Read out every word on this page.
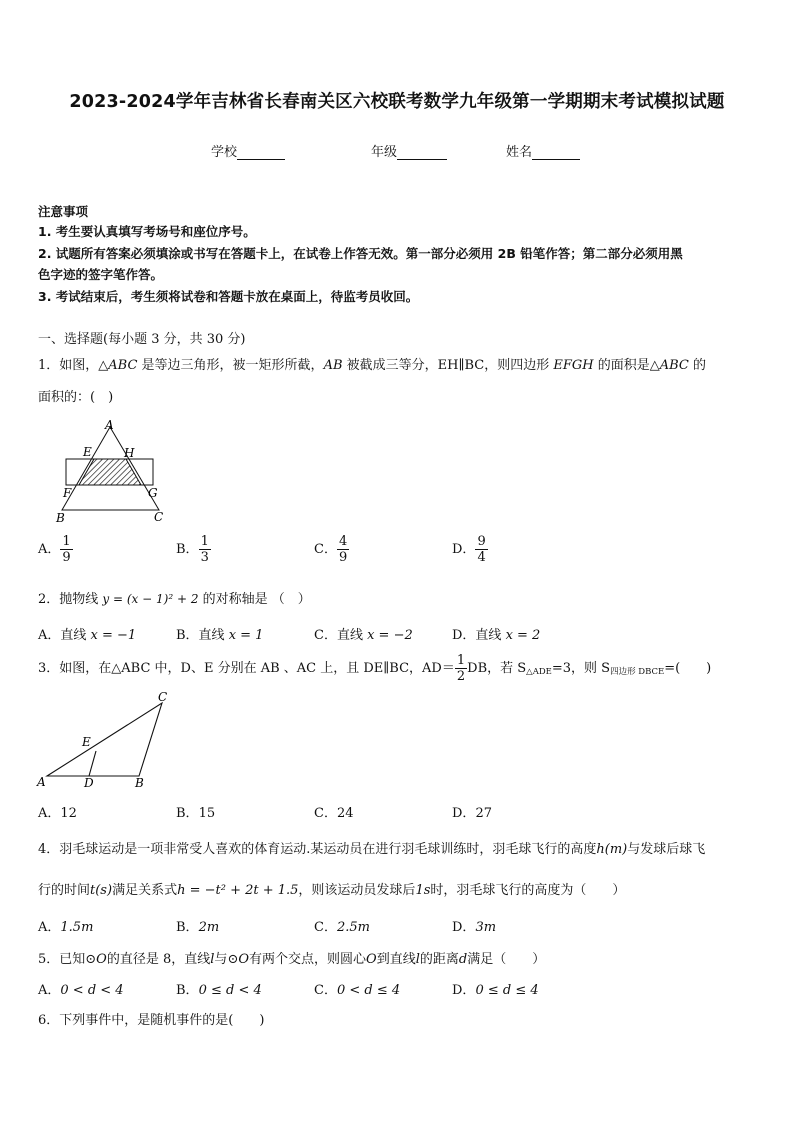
2023-2024学年吉林省长春南关区六校联考数学九年级第一学期期末考试模拟试题
学校	年级	姓名
注意事项
1. 考生要认真填写考场号和座位序号。
2. 试题所有答案必须填涂或书写在答题卡上，在试卷上作答无效。第一部分必须用 2B 铅笔作答；第二部分必须用黑
色字迹的签字笔作答。
3. 考试结束后，考生须将试卷和答题卡放在桌面上，待监考员收回。
一、选择题(每小题 3 分，共 30 分)
1．如图，△ABC 是等边三角形，被一矩形所截，AB 被截成三等分，EH∥BC，则四边形 EFGH 的面积是△ABC 的
面积的：(　)
A
E	H
F	G
B	C
A． $\frac{1}{9}$	B． $\frac{1}{3}$	C． $\frac{4}{9}$	D． $\frac{9}{4}$
2．抛物线 y = (x − 1)² + 2 的对称轴是 （　）
A．直线 x = −1	B．直线 x = 1	C．直线 x = −2	D．直线 x = 2
3．如图，在△ABC 中，D、E 分别在 AB 、AC 上，且 DE∥BC，$AD= \frac{1}{2}$ DB，若 $S_{\triangle ADE}=3$，则 $S_{四边形 DBCE}=$(　　)
C
E
A	D	B
A．12	B．15	C．24	D．27
4．羽毛球运动是一项非常受人喜欢的体育运动.某运动员在进行羽毛球训练时，羽毛球飞行的高度h(m)与发球后球飞
行的时间t(s)满足关系式h = −t² + 2t + 1.5，则该运动员发球后1s时，羽毛球飞行的高度为（　　）
A．1.5m	B．2m	C．2.5m	D．3m
5．已知⊙O的直径是 8，直线l与⊙O有两个交点，则圆心O到直线l的距离d满足（　　）
A．0 < d < 4	B．0 ≤ d < 4	C．0 < d ≤ 4	D．0 ≤ d ≤ 4
6．下列事件中，是随机事件的是(　　)
